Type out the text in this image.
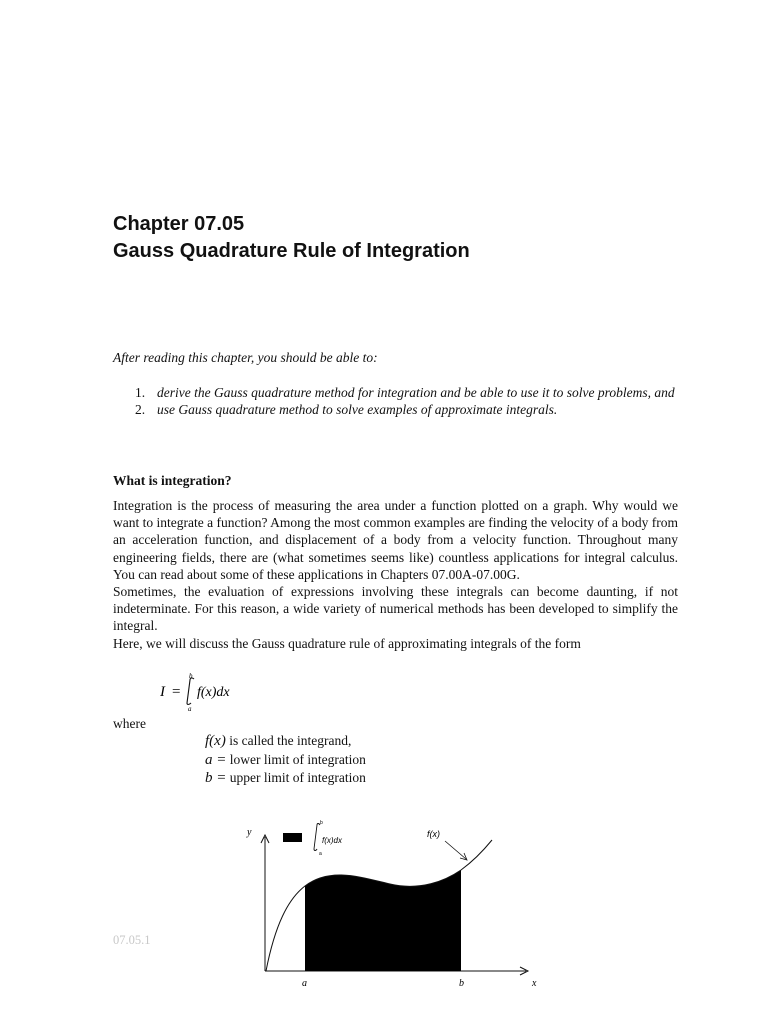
Chapter 07.05
Gauss Quadrature Rule of Integration
After reading this chapter, you should be able to:
1. derive the Gauss quadrature method for integration and be able to use it to solve problems, and
2. use Gauss quadrature method to solve examples of approximate integrals.
What is integration?

Integration is the process of measuring the area under a function plotted on a graph. Why would we want to integrate a function? Among the most common examples are finding the velocity of a body from an acceleration function, and displacement of a body from a velocity function. Throughout many engineering fields, there are (what sometimes seems like) countless applications for integral calculus. You can read about some of these applications in Chapters 07.00A-07.00G.

Sometimes, the evaluation of expressions involving these integrals can become daunting, if not indeterminate. For this reason, a wide variety of numerical methods has been developed to simplify the integral.

Here, we will discuss the Gauss quadrature rule of approximating integrals of the form

I =
b
a
f(x)dx
where
f(x) is called the integrand,
a = lower limit of integration
b = upper limit of integration
y
x
a	b
f(x)
b
a
f(x)dx
07.05.1
